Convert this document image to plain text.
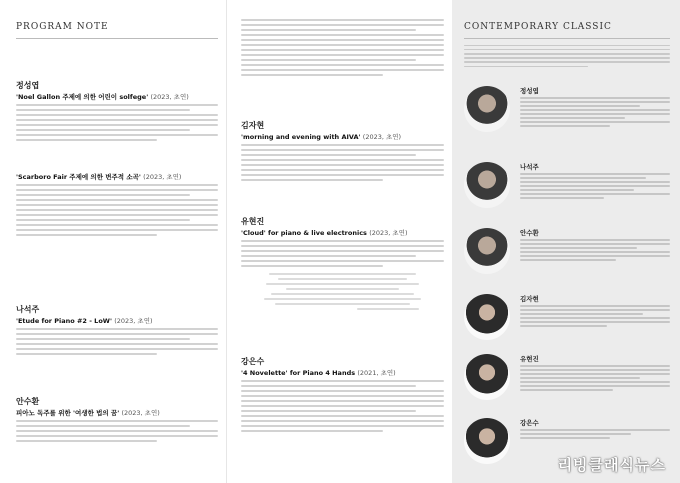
PROGRAM NOTE
정성엽
'Noel Gallon 주제에 의한 어린이 solfege' (2023, 초연)
'Scarboro Fair 주제에 의한 변주적 소곡' (2023, 초연)
나석주
'Etude for Piano #2 - LoW' (2023, 초연)
안수환
피아노 독주를 위한 '여생한 법의 꿈' (2023, 초연)
김자현
'morning and evening with AIVA' (2023, 초연)
유현진
'Cloud' for piano & live electronics (2023, 초연)
강은수
'4 Novelette' for Piano 4 Hands (2021, 초연)
CONTEMPORARY CLASSIC
정성엽
나석주
안수환
김자현
유현진
강은수
리빙클래식뉴스
